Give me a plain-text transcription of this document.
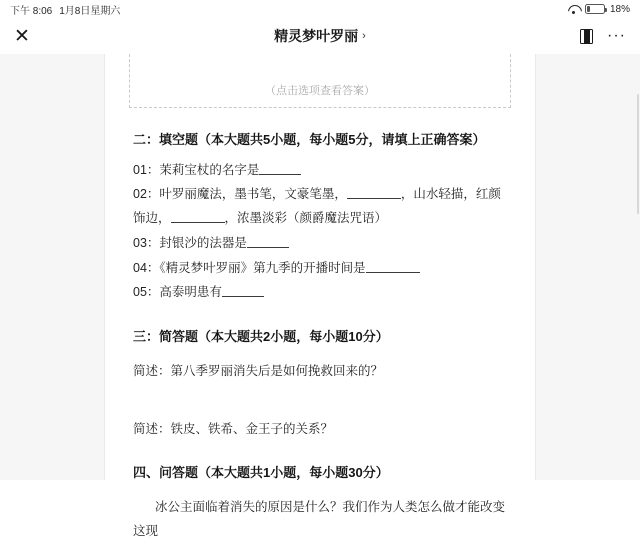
下午 8:06 1月8日星期六	18%
✕	精灵梦叶罗丽 ›	···
（点击选项查看答案）
二：填空题（本大题共5小题，每小题5分，请填上正确答案）
01：茉莉宝杖的名字是
02：叶罗丽魔法，墨书笔，文豪笔墨，	，山水轻描，红颜饰边，	，浓墨淡彩（颜爵魔法咒语）
03：封银沙的法器是
04：《精灵梦叶罗丽》第九季的开播时间是
05：高泰明患有
三：简答题（本大题共2小题，每小题10分）
简述：第八季罗丽消失后是如何挽救回来的？
简述：铁皮、铁希、金王子的关系？
四、问答题（本大题共1小题，每小题30分）
冰公主面临着消失的原因是什么？我们作为人类怎么做才能改变这现
